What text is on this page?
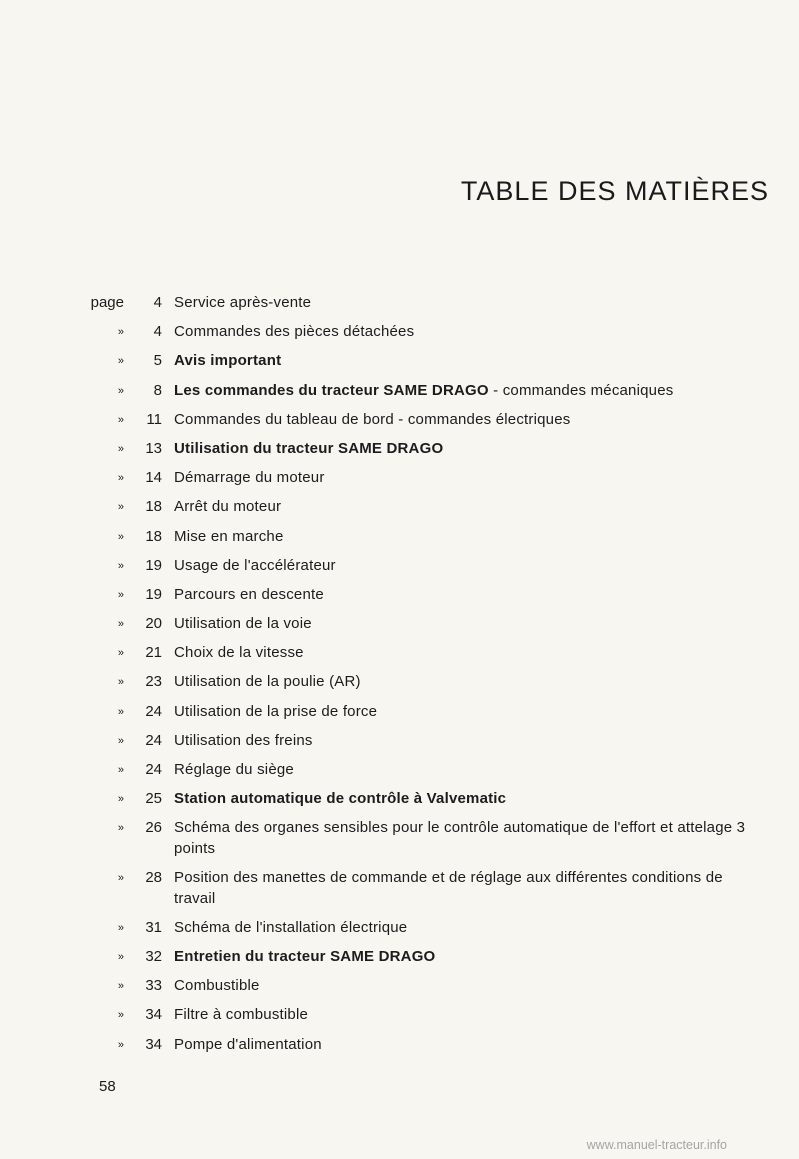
TABLE DES MATIÈRES
page	4 Service après-vente
»	4 Commandes des pièces détachées
»	5 Avis important
»	8 Les commandes du tracteur SAME DRAGO - commandes mécaniques
»	11 Commandes du tableau de bord - commandes électriques
»	13 Utilisation du tracteur SAME DRAGO
»	14 Démarrage du moteur
»	18 Arrêt du moteur
»	18 Mise en marche
»	19 Usage de l'accélérateur
»	19 Parcours en descente
»	20 Utilisation de la voie
»	21 Choix de la vitesse
»	23 Utilisation de la poulie (AR)
»	24 Utilisation de la prise de force
»	24 Utilisation des freins
»	24 Réglage du siège
»	25 Station automatique de contrôle à Valvematic
»	26 Schéma des organes sensibles pour le contrôle automatique de l'effort et attelage 3 points
»	28 Position des manettes de commande et de réglage aux différentes conditions de travail
»	31 Schéma de l'installation électrique
»	32 Entretien du tracteur SAME DRAGO
»	33 Combustible
»	34 Filtre à combustible
»	34 Pompe d'alimentation
58
www.manuel-tracteur.info
